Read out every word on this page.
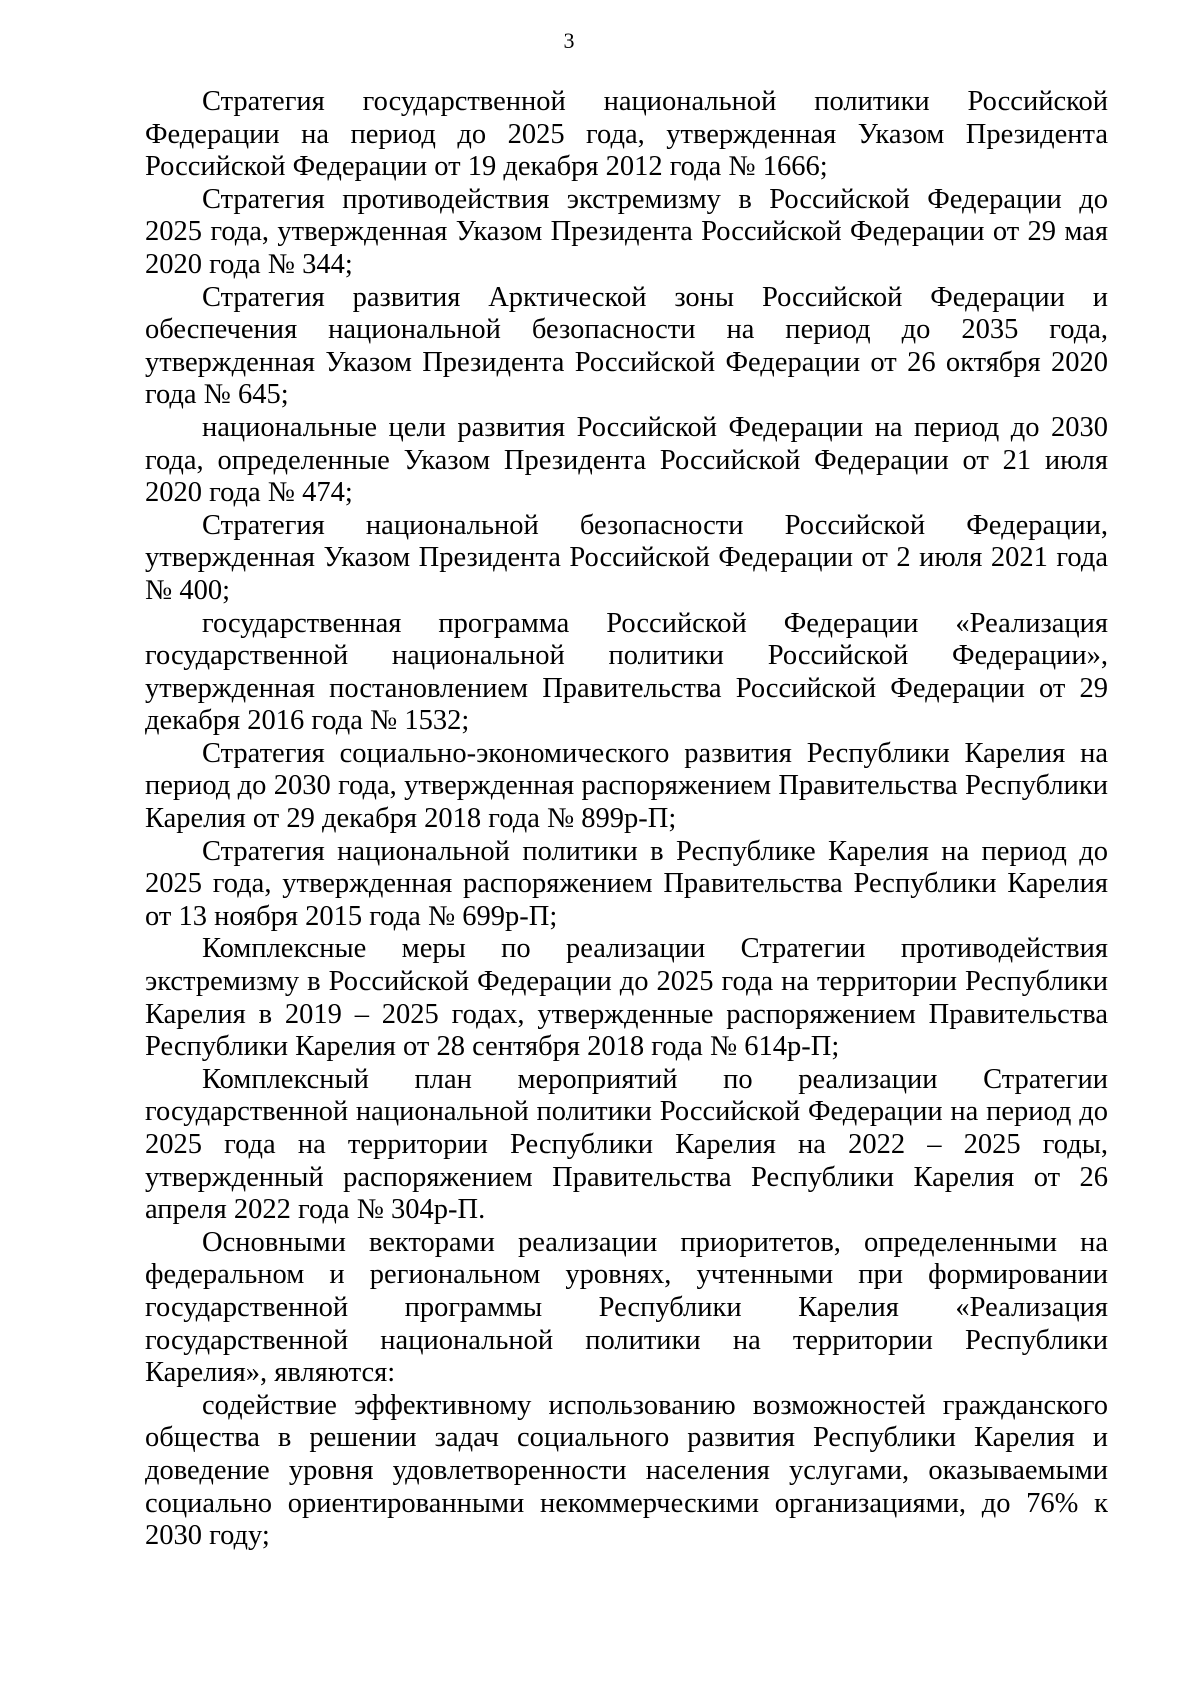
3

Стратегия государственной национальной политики Российской Федерации на период до 2025 года, утвержденная Указом Президента Российской Федерации от 19 декабря 2012 года № 1666;

Стратегия противодействия экстремизму в Российской Федерации до 2025 года, утвержденная Указом Президента Российской Федерации от 29 мая 2020 года № 344;

Стратегия развития Арктической зоны Российской Федерации и обеспечения национальной безопасности на период до 2035 года, утвержденная Указом Президента Российской Федерации от 26 октября 2020 года № 645;

национальные цели развития Российской Федерации на период до 2030 года, определенные Указом Президента Российской Федерации от 21 июля 2020 года № 474;

Стратегия национальной безопасности Российской Федерации, утвержденная Указом Президента Российской Федерации от 2 июля 2021 года № 400;

государственная программа Российской Федерации «Реализация государственной национальной политики Российской Федерации», утвержденная постановлением Правительства Российской Федерации от 29 декабря 2016 года № 1532;

Стратегия социально-экономического развития Республики Карелия на период до 2030 года, утвержденная распоряжением Правительства Республики Карелия от 29 декабря 2018 года № 899р-П;

Стратегия национальной политики в Республике Карелия на период до 2025 года, утвержденная распоряжением Правительства Республики Карелия от 13 ноября 2015 года № 699р-П;

Комплексные меры по реализации Стратегии противодействия экстремизму в Российской Федерации до 2025 года на территории Республики Карелия в 2019 – 2025 годах, утвержденные распоряжением Правительства Республики Карелия от 28 сентября 2018 года № 614р-П;

Комплексный план мероприятий по реализации Стратегии государственной национальной политики Российской Федерации на период до 2025 года на территории Республики Карелия на 2022 – 2025 годы, утвержденный распоряжением Правительства Республики Карелия от 26 апреля 2022 года № 304р-П.

Основными векторами реализации приоритетов, определенными на федеральном и региональном уровнях, учтенными при формировании государственной программы Республики Карелия «Реализация государственной национальной политики на территории Республики Карелия», являются:

содействие эффективному использованию возможностей гражданского общества в решении задач социального развития Республики Карелия и доведение уровня удовлетворенности населения услугами, оказываемыми социально ориентированными некоммерческими организациями, до 76% к 2030 году;
